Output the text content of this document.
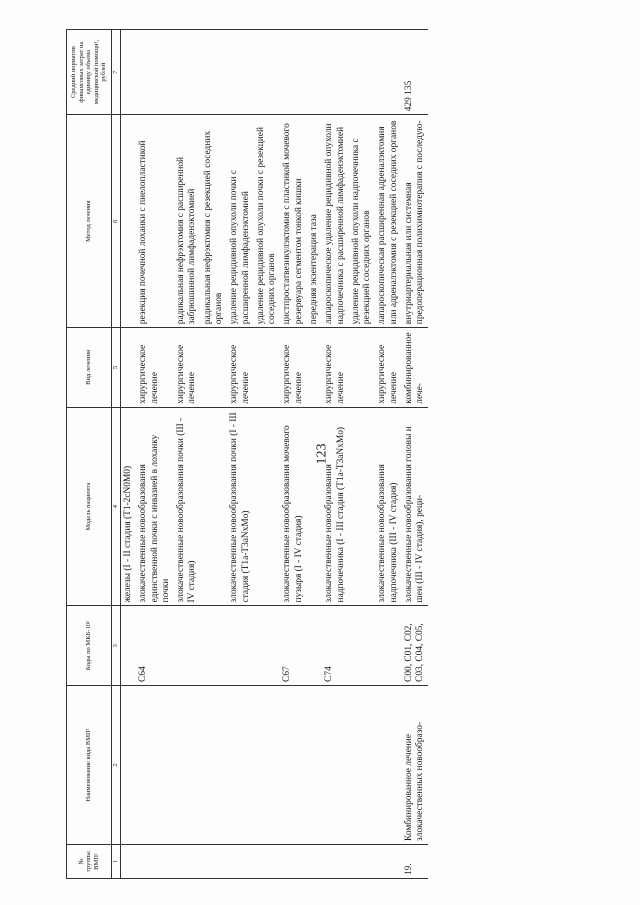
123
№ группы ВМП¹	Наименование вида ВМП¹	Коды по МКБ-10²	Модель пациента	Вид лечения	Метод лечения	Средний норматив финансовых затрат на единицу объема медицинской помощи³, рублей
1	2	3	4	5	6	7
			железы (I - II стадия (T1-2cN0M0)			
		C64	злокачественные новообразования единственной почки с инвазией в лоханку почки	хирургическое лечение	резекция почечной лоханки с пиелопластикой	
			злокачественные новообразования почки (III - IV стадия)	хирургическое лечение	радикальная нефрэктомия с расширенной забрюшинной лимфаденэктомией	
					радикальная нефрэктомия с резекцией соседних органов	
			злокачественные новообразования почки (I - III стадия (T1a-T3aNxMo)	хирургическое лечение	удаление рецидивной опухоли почки с расширенной лимфаденэктомией	
					удаление рецидивной опухоли почки с резекцией соседних органов	
		C67	злокачественные новообразования мочевого пузыря (I - IV стадия)	хирургическое лечение	цистпростатвезикулэктомия с пластикой мочевого резервуара сегментом тонкой кишки	
					передняя экзентерация таза	
		C74	злокачественные новообразования надпочечника (I - III стадия (T1a-T3aNxMo)	хирургическое лечение	лапароскопическое удаление рецидивной опухоли надпочечника с расширенной лимфаденэктомией	
					удаление рецидивной опухоли надпочечника с резекцией соседних органов	
			злокачественные новообразования надпочечника (III - IV стадия)	хирургическое лечение	лапароскопическая расширенная адреналэктомия или адреналэктомия с резекцией соседних органов	
19.	Комбинированное лечение злокачественных новообразо-	C00, C01, C02, C03, C04, C05,	злокачественные новообразования головы и шеи (III - IV стадия), реци-	комбинированное лече-	внутриартериальная или системная предоперационная полихимиотерапия с последую-	429 135
